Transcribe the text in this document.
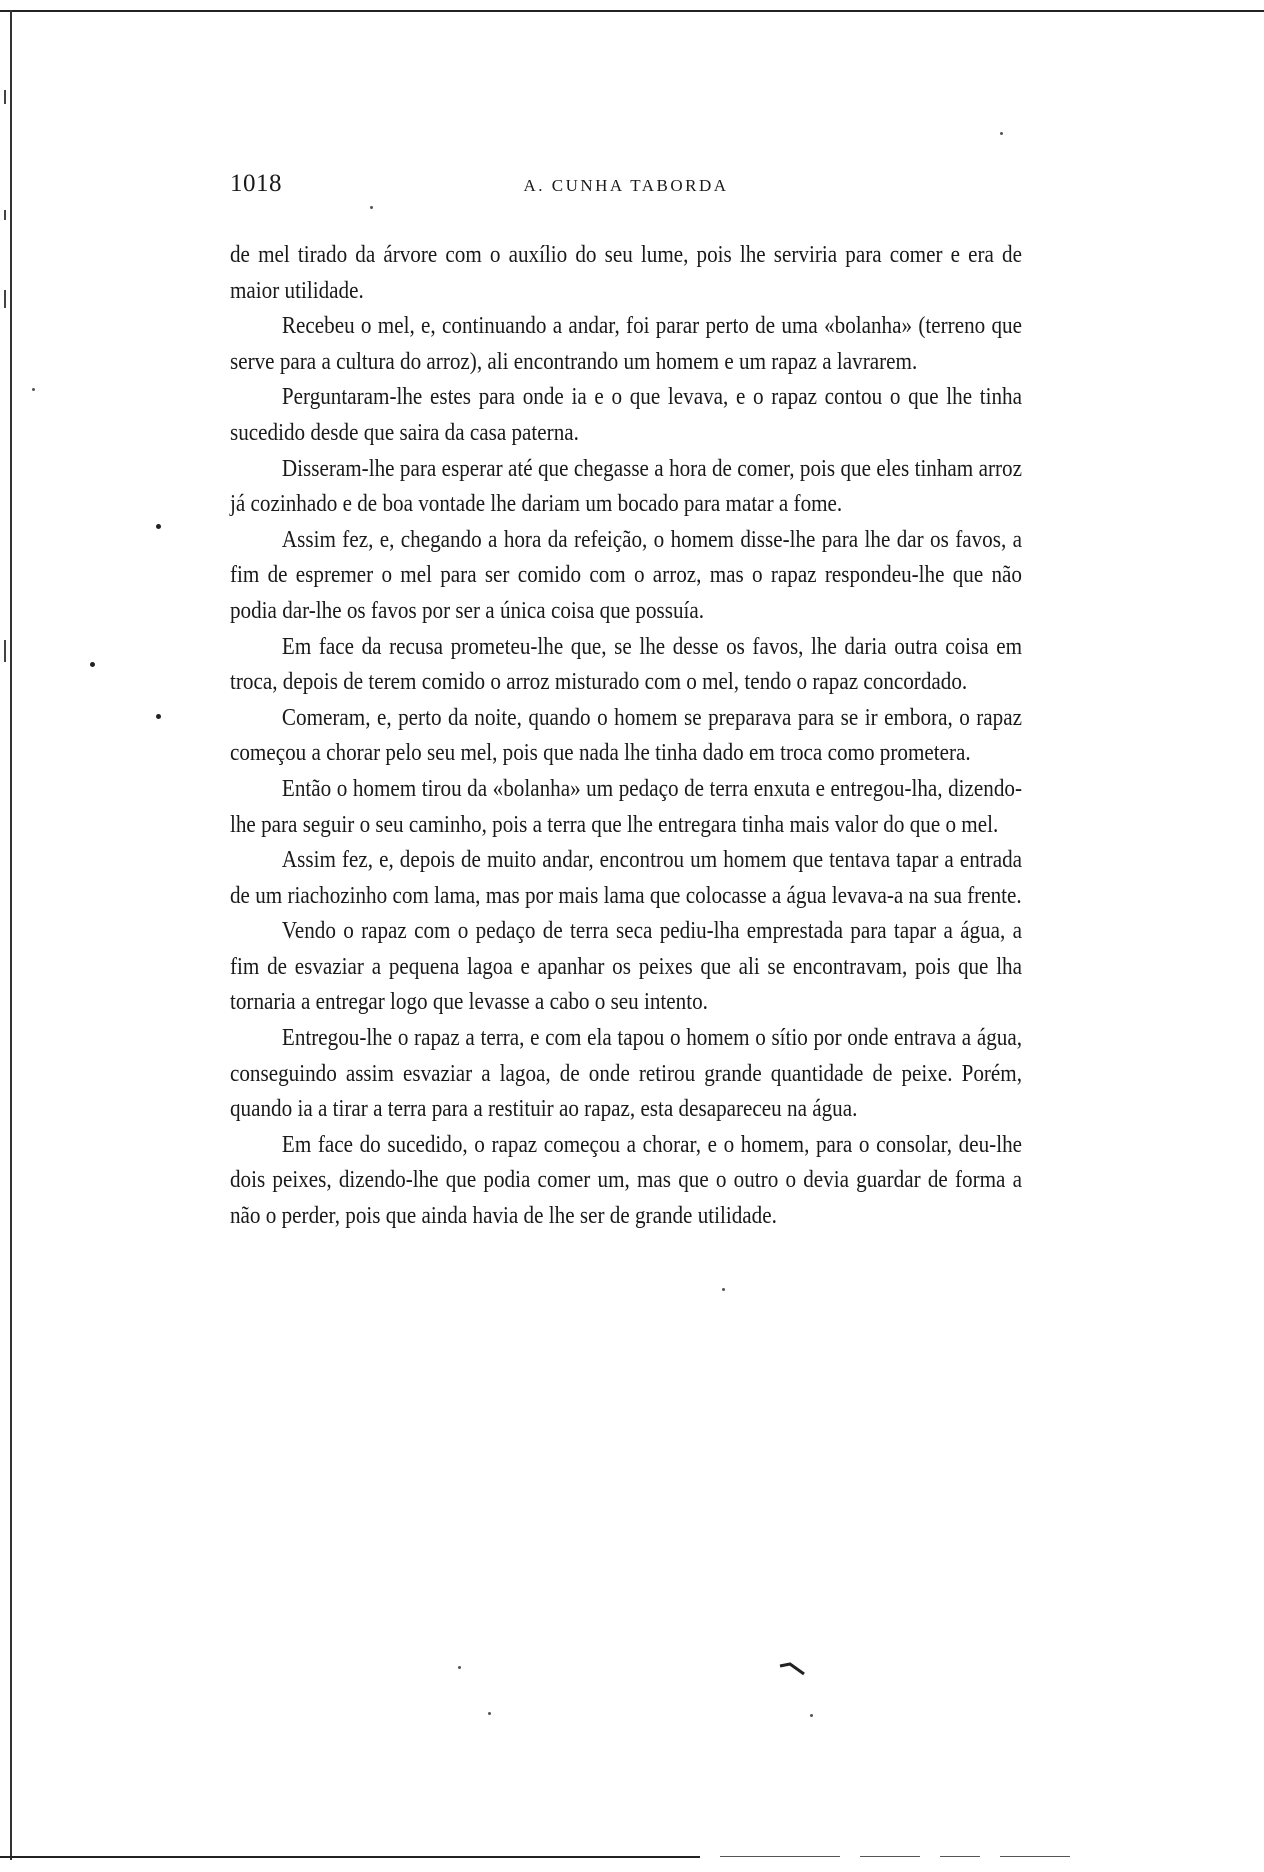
1018	A. CUNHA TABORDA

de mel tirado da árvore com o auxílio do seu lume, pois lhe serviria para comer e era de maior utilidade.

Recebeu o mel, e, continuando a andar, foi parar perto de uma «bolanha» (terreno que serve para a cultura do arroz), ali encontrando um homem e um rapaz a lavrarem.

Perguntaram-lhe estes para onde ia e o que levava, e o rapaz contou o que lhe tinha sucedido desde que saira da casa paterna.

Disseram-lhe para esperar até que chegasse a hora de comer, pois que eles tinham arroz já cozinhado e de boa vontade lhe dariam um bocado para matar a fome.

Assim fez, e, chegando a hora da refeição, o homem disse-lhe para lhe dar os favos, a fim de espremer o mel para ser comido com o arroz, mas o rapaz respondeu-lhe que não podia dar-lhe os favos por ser a única coisa que possuía.

Em face da recusa prometeu-lhe que, se lhe desse os favos, lhe daria outra coisa em troca, depois de terem comido o arroz misturado com o mel, tendo o rapaz concordado.

Comeram, e, perto da noite, quando o homem se preparava para se ir embora, o rapaz começou a chorar pelo seu mel, pois que nada lhe tinha dado em troca como prometera.

Então o homem tirou da «bolanha» um pedaço de terra enxuta e entregou-lha, dizendo-lhe para seguir o seu caminho, pois a terra que lhe entregara tinha mais valor do que o mel.

Assim fez, e, depois de muito andar, encontrou um homem que tentava tapar a entrada de um riachozinho com lama, mas por mais lama que colocasse a água levava-a na sua frente.

Vendo o rapaz com o pedaço de terra seca pediu-lha emprestada para tapar a água, a fim de esvaziar a pequena lagoa e apanhar os peixes que ali se encontravam, pois que lha tornaria a entregar logo que levasse a cabo o seu intento.

Entregou-lhe o rapaz a terra, e com ela tapou o homem o sítio por onde entrava a água, conseguindo assim esvaziar a lagoa, de onde retirou grande quantidade de peixe. Porém, quando ia a tirar a terra para a restituir ao rapaz, esta desapareceu na água.

Em face do sucedido, o rapaz começou a chorar, e o homem, para o consolar, deu-lhe dois peixes, dizendo-lhe que podia comer um, mas que o outro o devia guardar de forma a não o perder, pois que ainda havia de lhe ser de grande utilidade.
